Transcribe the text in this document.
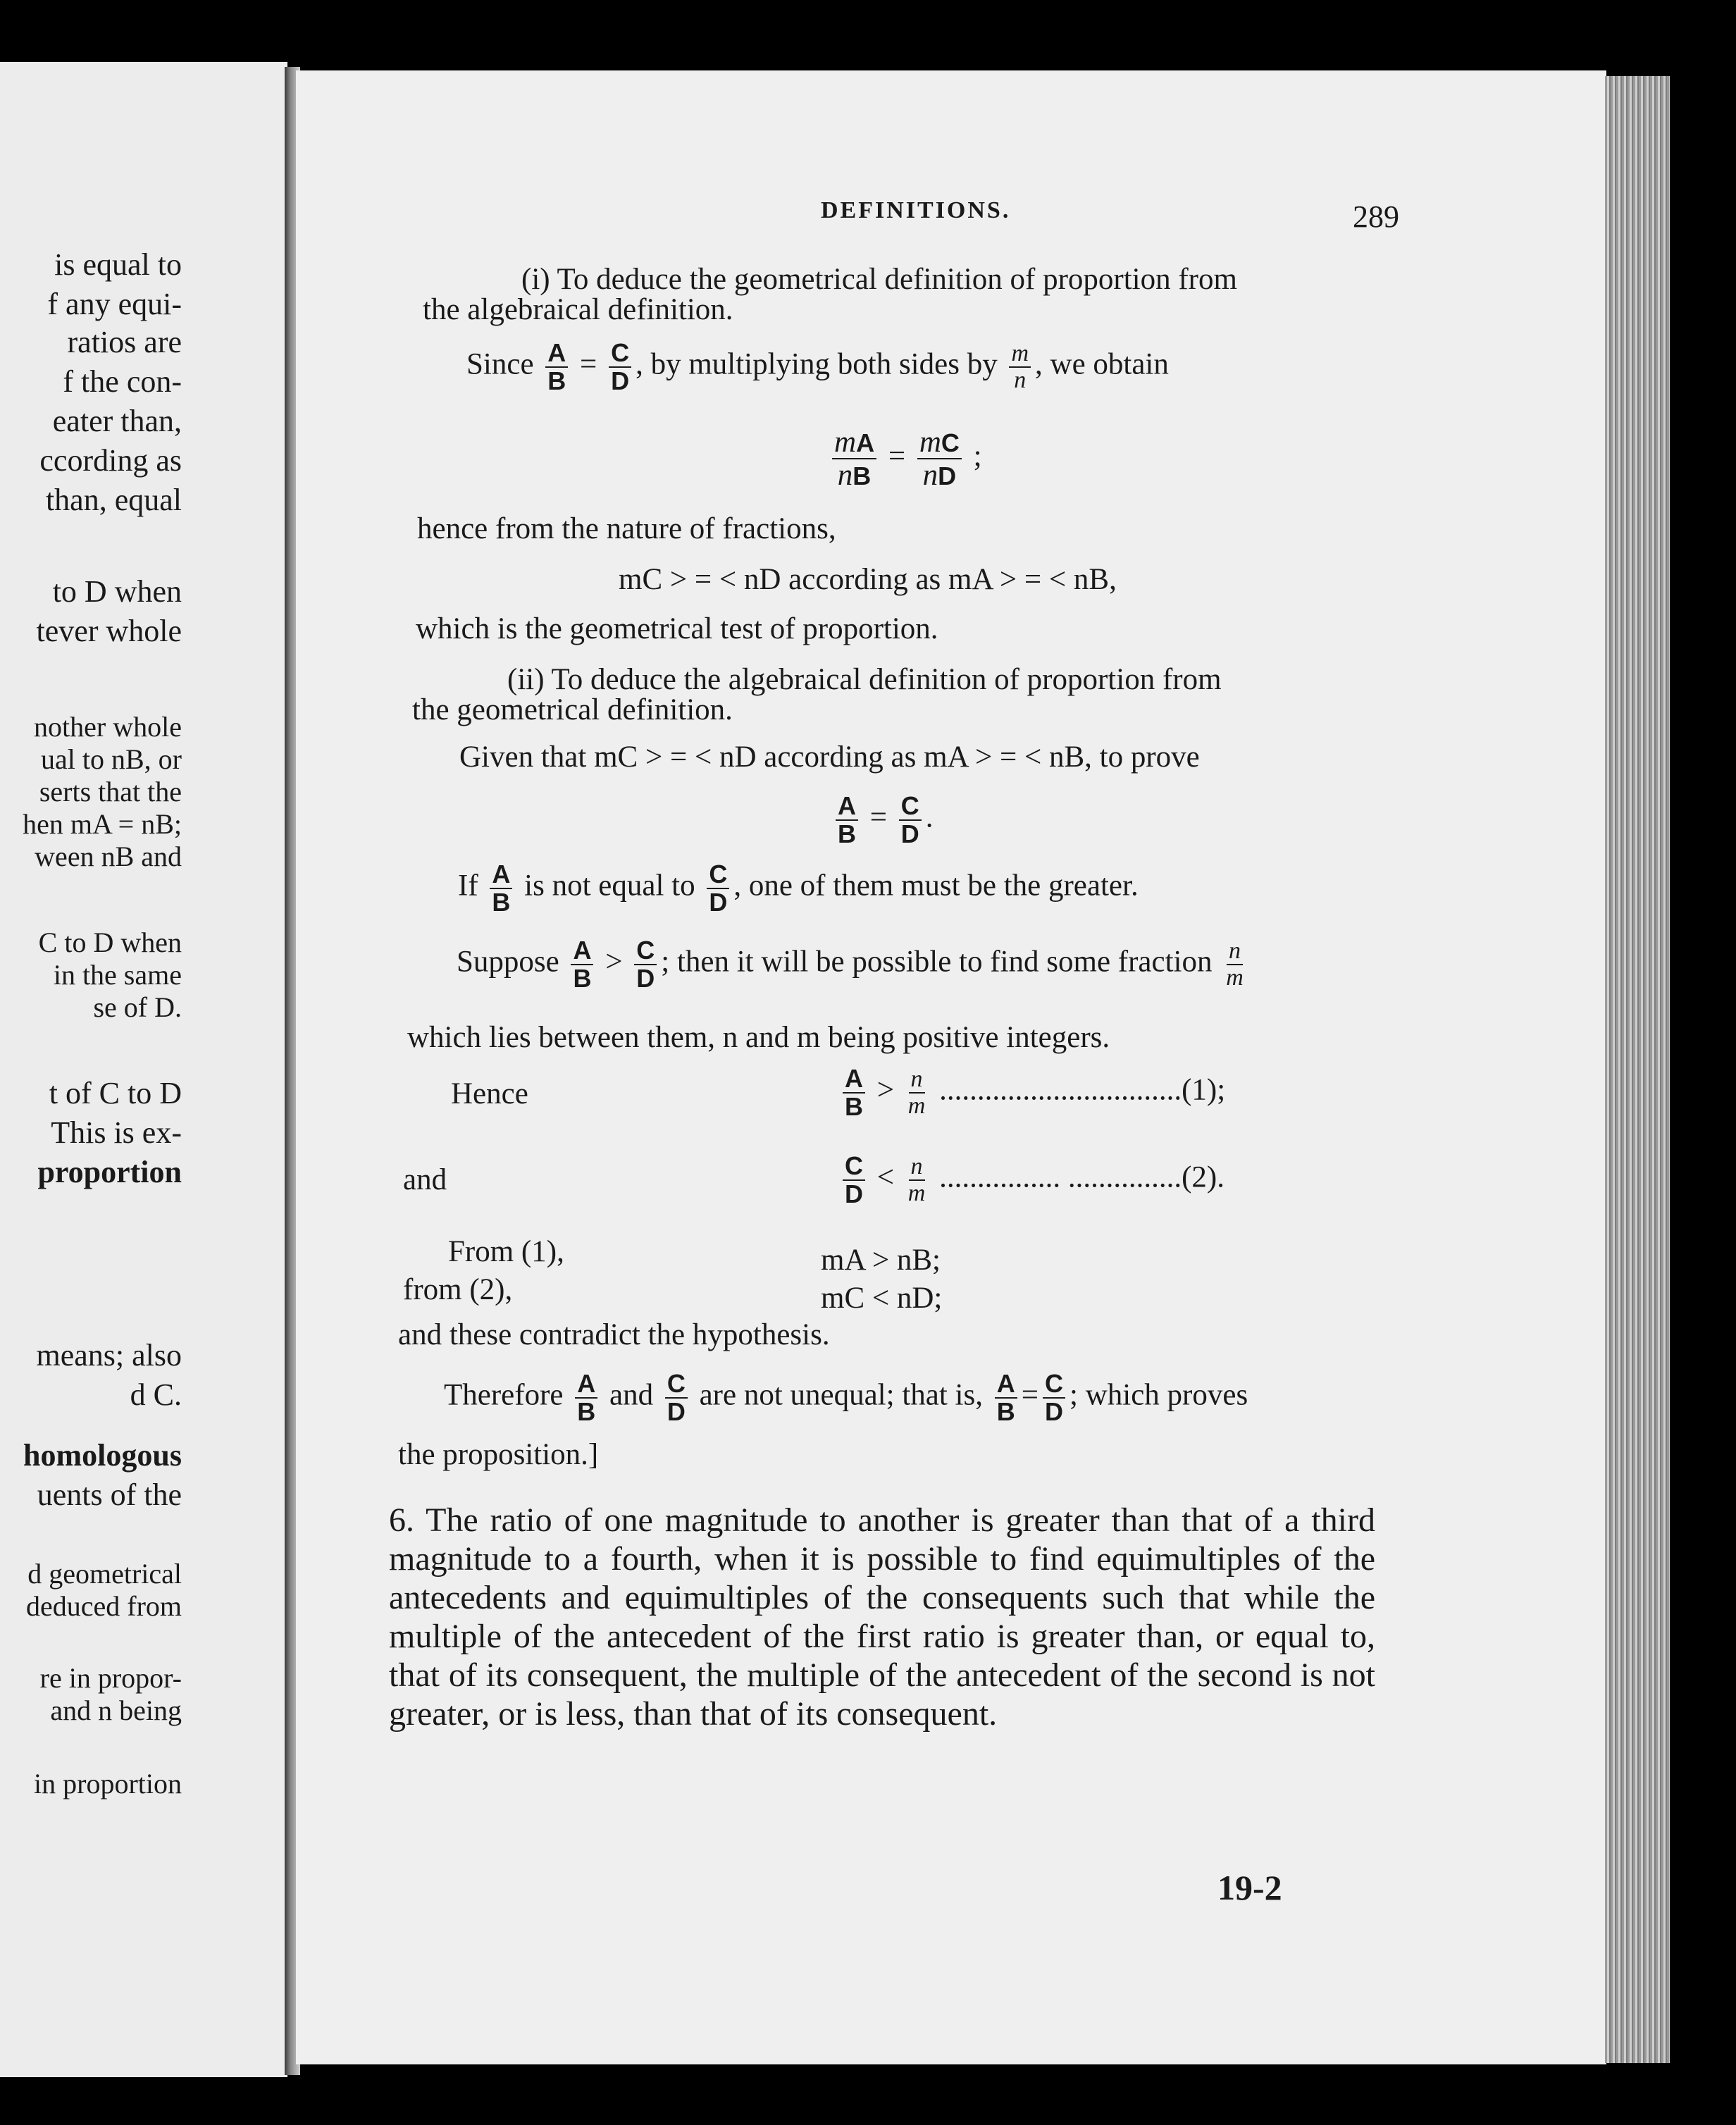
is equal to
f any equi-
ratios are
f the con-
eater than,
ccording as
than, equal
to D when
tever whole
nother whole
ual to nB, or
serts that the
hen mA = nB;
ween nB and
C to D when
in the same
se of D.
t of C to D
This is ex-
proportion
means; also
d C.
homologous
uents of the
d geometrical
deduced from
re in propor-
and n being
in proportion
DEFINITIONS.	289
(i) To deduce the geometrical definition of proportion from
the algebraical definition.
Since $\frac{A}{B} = \frac{C}{D}$ , by multiplying both sides by $\frac{m}{n}$ , we obtain
$\frac{mA}{nB} = \frac{mC}{nD}$ ;
hence from the nature of fractions,
mC > = < nD according as mA > = < nB,
which is the geometrical test of proportion.
(ii) To deduce the algebraical definition of proportion from
the geometrical definition.
Given that mC > = < nD according as mA > = < nB, to prove
$\frac{A}{B} = \frac{C}{D}$ .
If $\frac{A}{B}$ is not equal to $\frac{C}{D}$ , one of them must be the greater.
Suppose $\frac{A}{B} > \frac{C}{D}$ ; then it will be possible to find some fraction $\frac{n}{m}$
which lies between them, n and m being positive integers.
Hence	$\frac{A}{B} > \frac{n}{m} ................................(1)$;
and	$\frac{C}{D} < \frac{n}{m}$ ................ ...............(2).
From (1),	mA > nB;
from (2),	mC < nD;
and these contradict the hypothesis.
Therefore $\frac{A}{B}$ and $\frac{C}{D}$ are not unequal; that is, $\frac{A}{B} = \frac{C}{D}$ ; which proves
the proposition.]
6. The ratio of one magnitude to another is greater than that of a third magnitude to a fourth, when it is possible to find equimultiples of the antecedents and equimultiples of the consequents such that while the multiple of the antecedent of the first ratio is greater than, or equal to, that of its consequent, the multiple of the antecedent of the second is not greater, or is less, than that of its consequent.
19-2
